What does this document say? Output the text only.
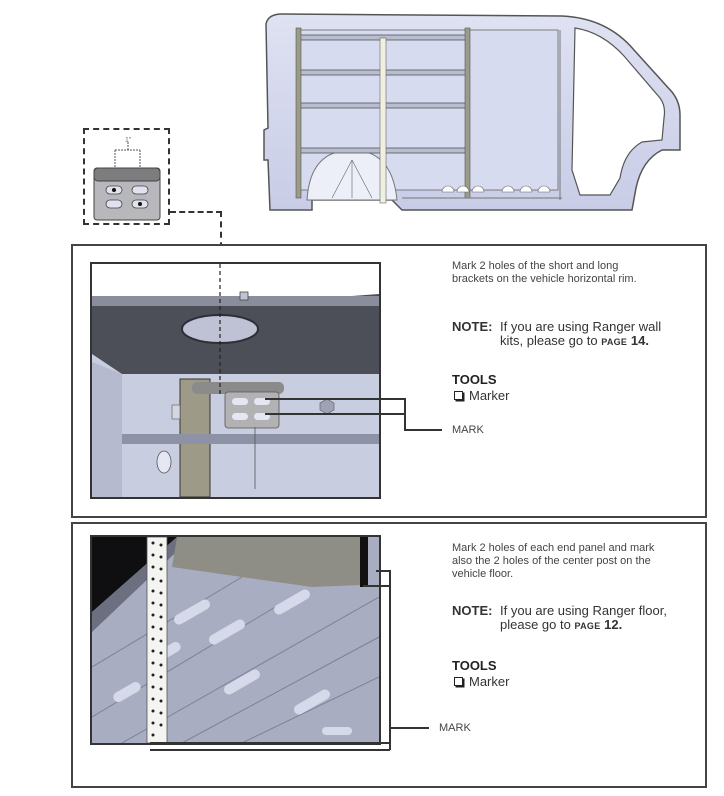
1"
MARK
Mark 2 holes of the short and long brackets on the vehicle horizontal rim.
NOTE: If you are using Ranger wall kits, please go to PAGE 14.
TOOLS
Marker
MARK
Mark 2 holes of each end panel and mark also the 2 holes of the center post on the vehicle floor.
NOTE: If you are using Ranger floor, please go to PAGE 12.
TOOLS
Marker
